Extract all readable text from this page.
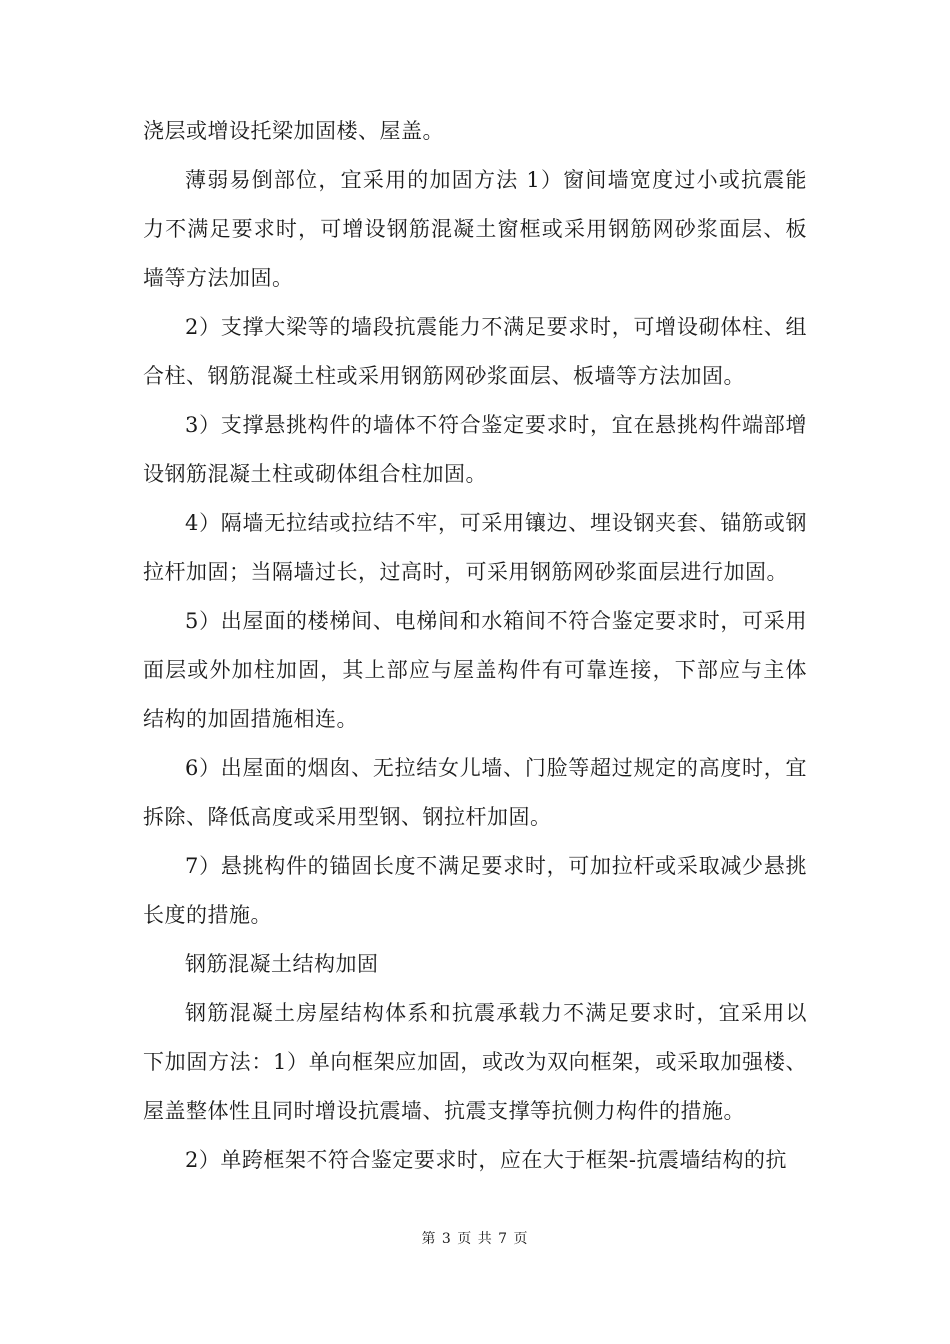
浇层或增设托梁加固楼、屋盖。

薄弱易倒部位，宜采用的加固方法 1）窗间墙宽度过小或抗震能力不满足要求时，可增设钢筋混凝土窗框或采用钢筋网砂浆面层、板墙等方法加固。

2）支撑大梁等的墙段抗震能力不满足要求时，可增设砌体柱、组合柱、钢筋混凝土柱或采用钢筋网砂浆面层、板墙等方法加固。

3）支撑悬挑构件的墙体不符合鉴定要求时，宜在悬挑构件端部增设钢筋混凝土柱或砌体组合柱加固。

4）隔墙无拉结或拉结不牢，可采用镶边、埋设钢夹套、锚筋或钢拉杆加固；当隔墙过长，过高时，可采用钢筋网砂浆面层进行加固。

5）出屋面的楼梯间、电梯间和水箱间不符合鉴定要求时，可采用面层或外加柱加固，其上部应与屋盖构件有可靠连接，下部应与主体结构的加固措施相连。

6）出屋面的烟囱、无拉结女儿墙、门脸等超过规定的高度时，宜拆除、降低高度或采用型钢、钢拉杆加固。

7）悬挑构件的锚固长度不满足要求时，可加拉杆或采取减少悬挑长度的措施。

钢筋混凝土结构加固

钢筋混凝土房屋结构体系和抗震承载力不满足要求时，宜采用以下加固方法：1）单向框架应加固，或改为双向框架，或采取加强楼、屋盖整体性且同时增设抗震墙、抗震支撑等抗侧力构件的措施。

2）单跨框架不符合鉴定要求时，应在大于框架-抗震墙结构的抗

第 3 页 共 7 页
